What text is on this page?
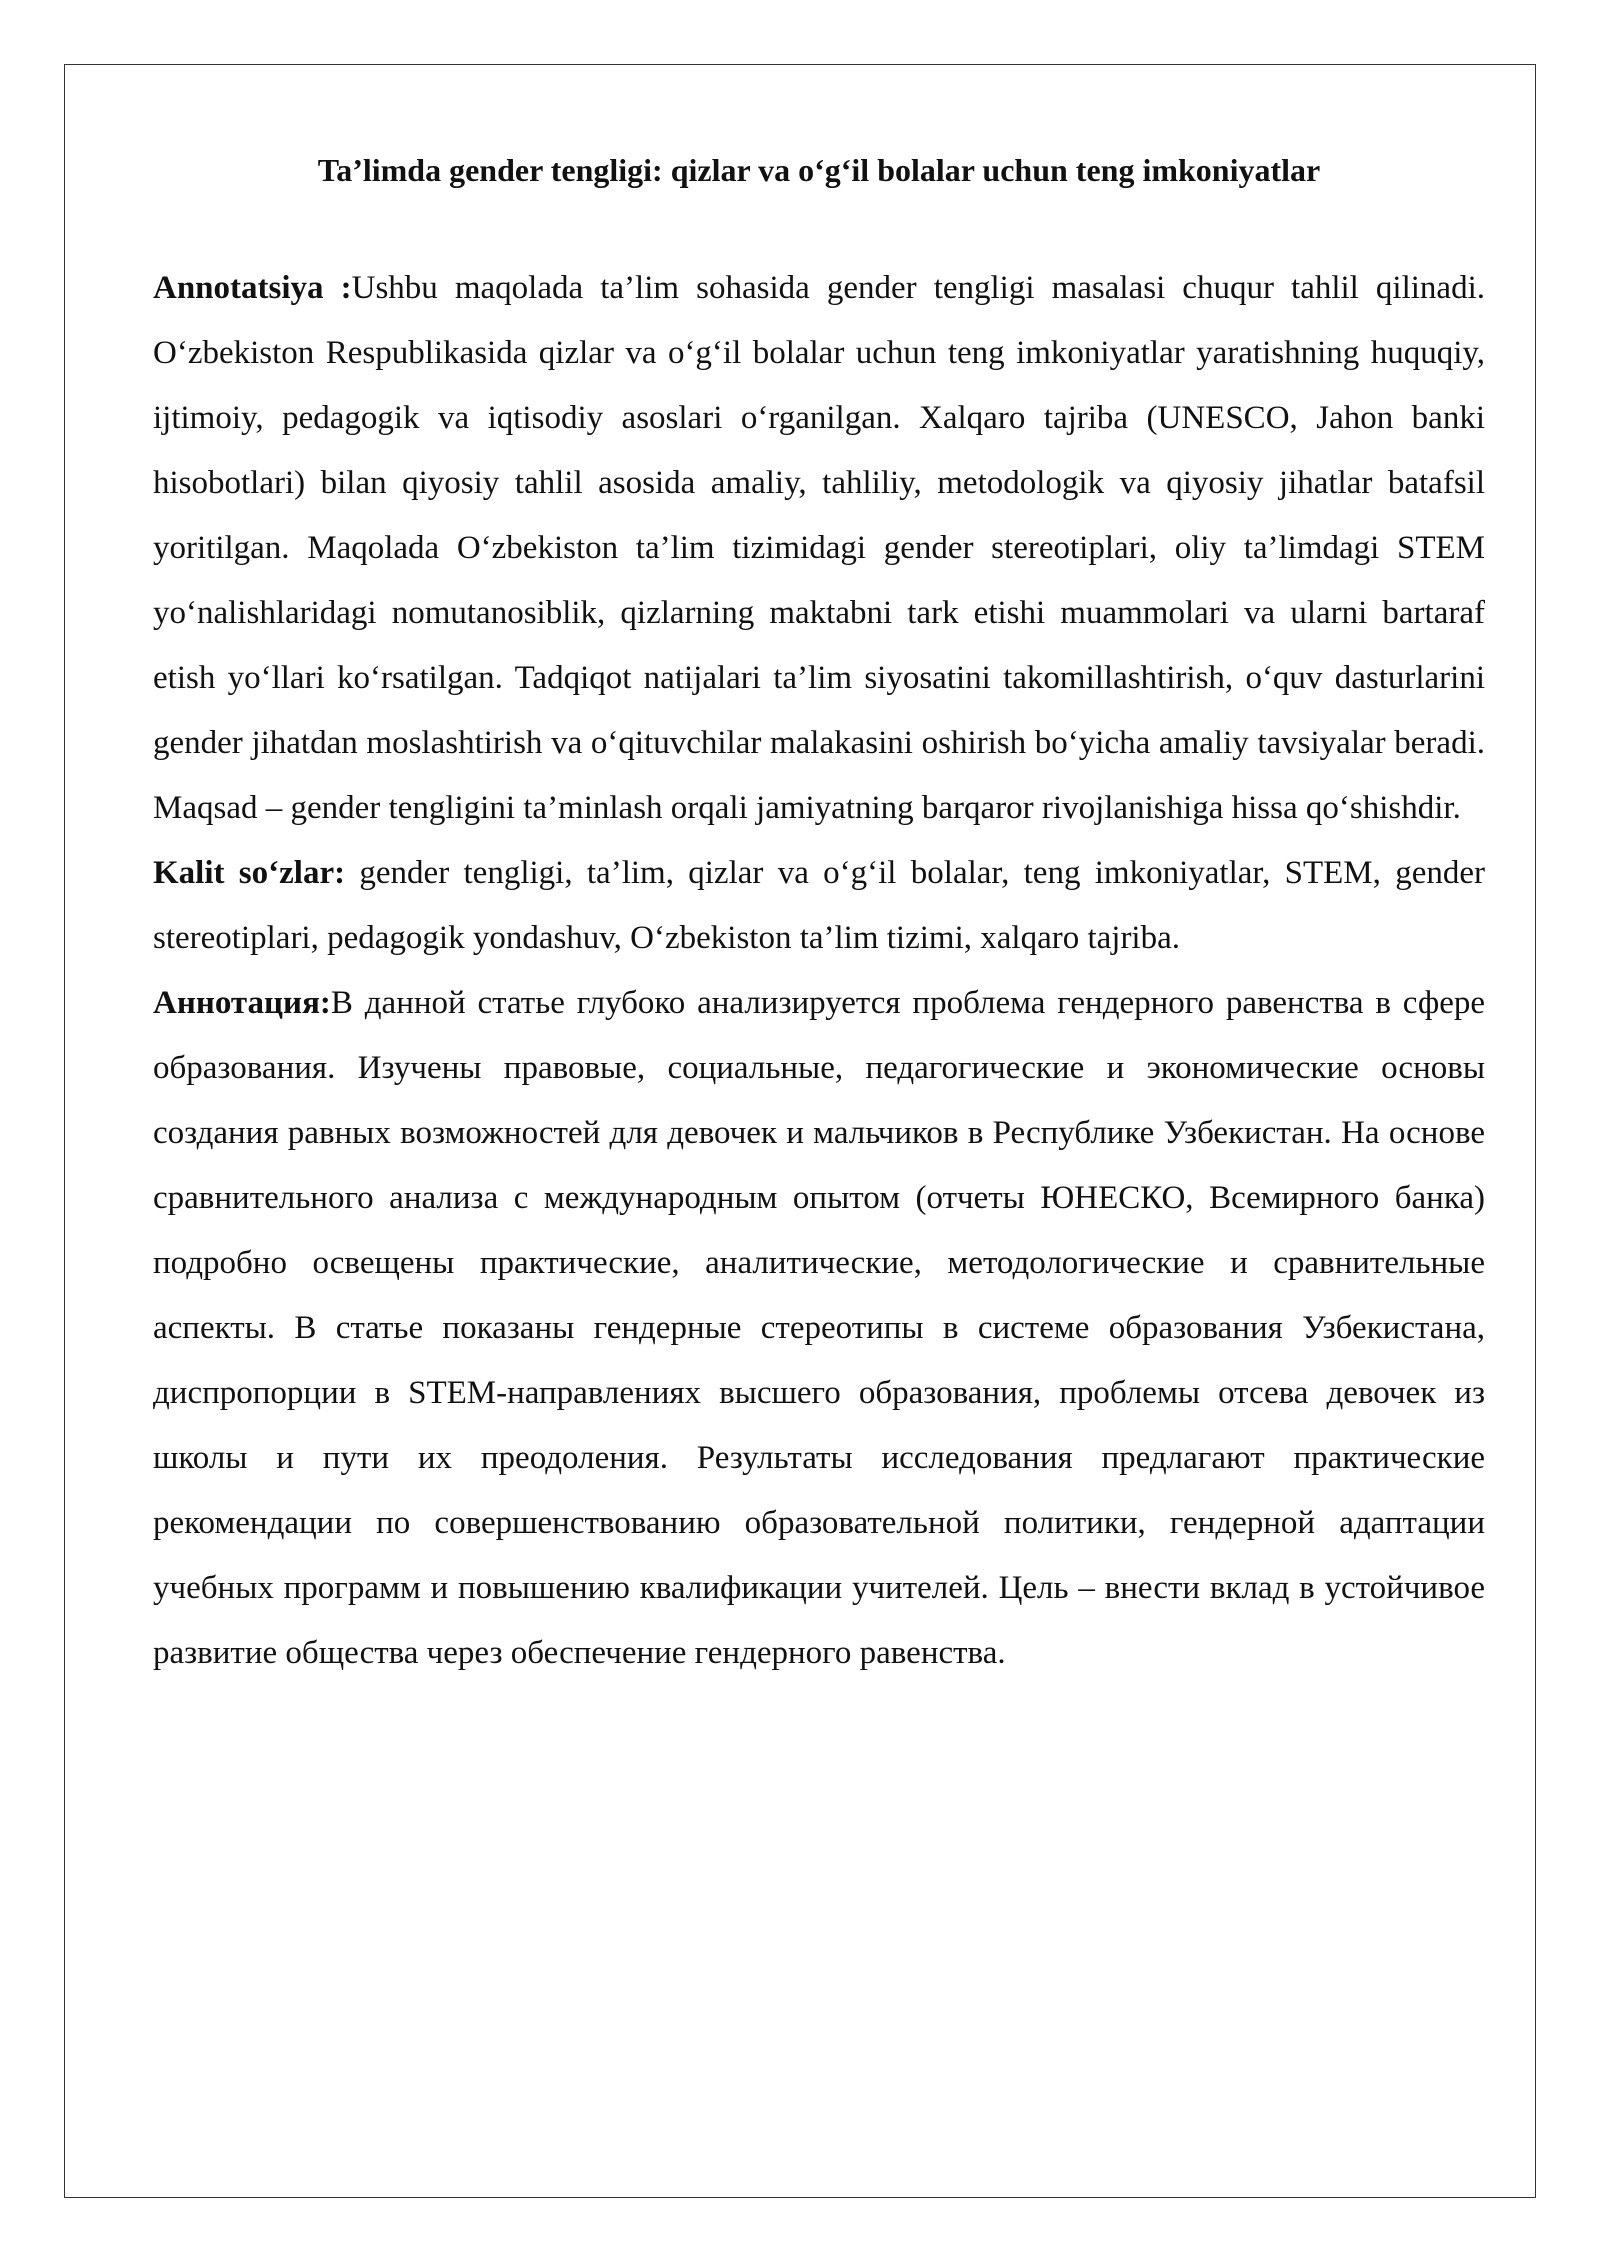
Ta’limda gender tengligi: qizlar va o‘g‘il bolalar uchun teng imkoniyatlar

Annotatsiya :Ushbu maqolada ta’lim sohasida gender tengligi masalasi chuqur tahlil qilinadi. O‘zbekiston Respublikasida qizlar va o‘g‘il bolalar uchun teng imkoniyatlar yaratishning huquqiy, ijtimoiy, pedagogik va iqtisodiy asoslari o‘rganilgan. Xalqaro tajriba (UNESCO, Jahon banki hisobotlari) bilan qiyosiy tahlil asosida amaliy, tahliliy, metodologik va qiyosiy jihatlar batafsil yoritilgan. Maqolada O‘zbekiston ta’lim tizimidagi gender stereotiplari, oliy ta’limdagi STEM yo‘nalishlaridagi nomutanosiblik, qizlarning maktabni tark etishi muammolari va ularni bartaraf etish yo‘llari ko‘rsatilgan. Tadqiqot natijalari ta’lim siyosatini takomillashtirish, o‘quv dasturlarini gender jihatdan moslashtirish va o‘qituvchilar malakasini oshirish bo‘yicha amaliy tavsiyalar beradi. Maqsad – gender tengligini ta’minlash orqali jamiyatning barqaror rivojlanishiga hissa qo‘shishdir.

Kalit so‘zlar: gender tengligi, ta’lim, qizlar va o‘g‘il bolalar, teng imkoniyatlar, STEM, gender stereotiplari, pedagogik yondashuv, O‘zbekiston ta’lim tizimi, xalqaro tajriba.

Аннотация:В данной статье глубоко анализируется проблема гендерного равенства в сфере образования. Изучены правовые, социальные, педагогические и экономические основы создания равных возможностей для девочек и мальчиков в Республике Узбекистан. На основе сравнительного анализа с международным опытом (отчеты ЮНЕСКО, Всемирного банка) подробно освещены практические, аналитические, методологические и сравнительные аспекты. В статье показаны гендерные стереотипы в системе образования Узбекистана, диспропорции в STEM-направлениях высшего образования, проблемы отсева девочек из школы и пути их преодоления. Результаты исследования предлагают практические рекомендации по совершенствованию образовательной политики, гендерной адаптации учебных программ и повышению квалификации учителей. Цель – внести вклад в устойчивое развитие общества через обеспечение гендерного равенства.
